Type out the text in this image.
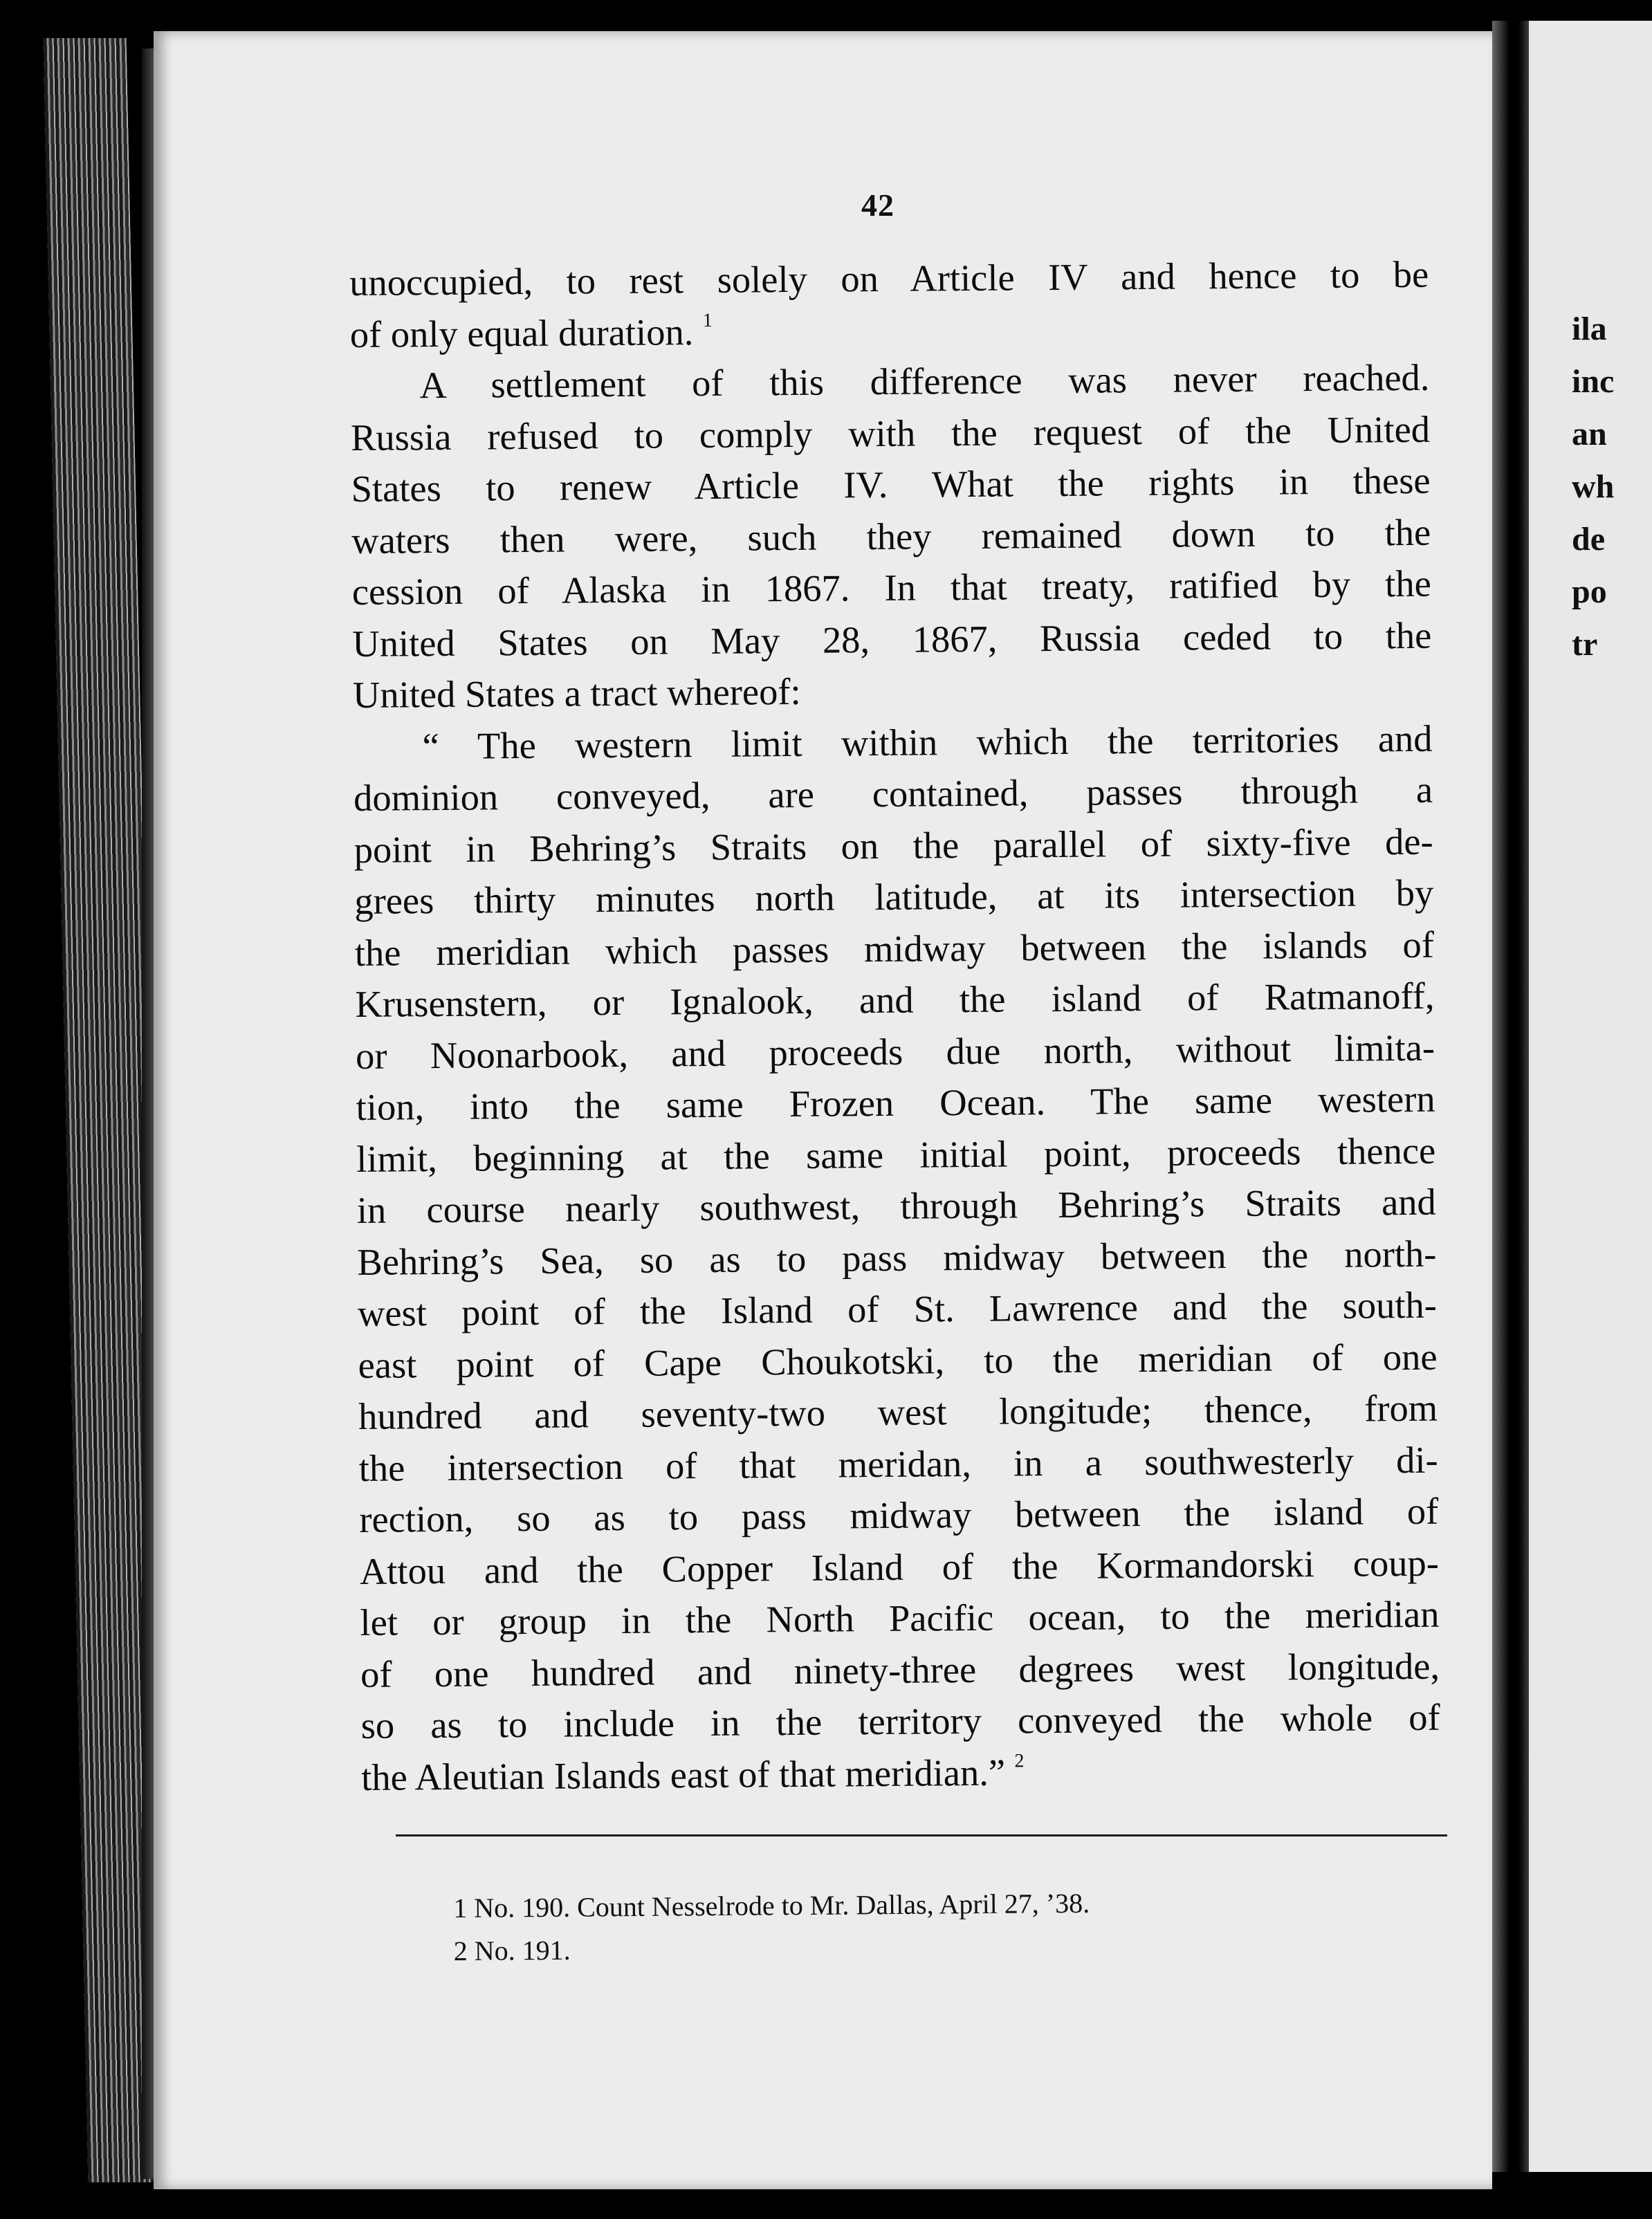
ila
inc
an
wh
de
po
tr
42
unoccupied, to rest solely on Article IV and hence to be
of only equal duration. $^1$
A settlement of this difference was never reached.
Russia refused to comply with the request of the United
States to renew Article IV. What the rights in these
waters then were, such they remained down to the
cession of Alaska in 1867. In that treaty, ratified by the
United States on May 28, 1867, Russia ceded to the
United States a tract whereof:
“ The western limit within which the territories and
dominion conveyed, are contained, passes through a
point in Behring’s Straits on the parallel of sixty-five de-
grees thirty minutes north latitude, at its intersection by
the meridian which passes midway between the islands of
Krusenstern, or Ignalook, and the island of Ratmanoff,
or Noonarbook, and proceeds due north, without limita-
tion, into the same Frozen Ocean. The same western
limit, beginning at the same initial point, proceeds thence
in course nearly southwest, through Behring’s Straits and
Behring’s Sea, so as to pass midway between the north-
west point of the Island of St. Lawrence and the south-
east point of Cape Choukotski, to the meridian of one
hundred and seventy-two west longitude; thence, from
the intersection of that meridan, in a southwesterly di-
rection, so as to pass midway between the island of
Attou and the Copper Island of the Kormandorski coup-
let or group in the North Pacific ocean, to the meridian
of one hundred and ninety-three degrees west longitude,
so as to include in the territory conveyed the whole of
the Aleutian Islands east of that meridian.” $^2$
1 No. 190. Count Nesselrode to Mr. Dallas, April 27, ’38.
2 No. 191.
